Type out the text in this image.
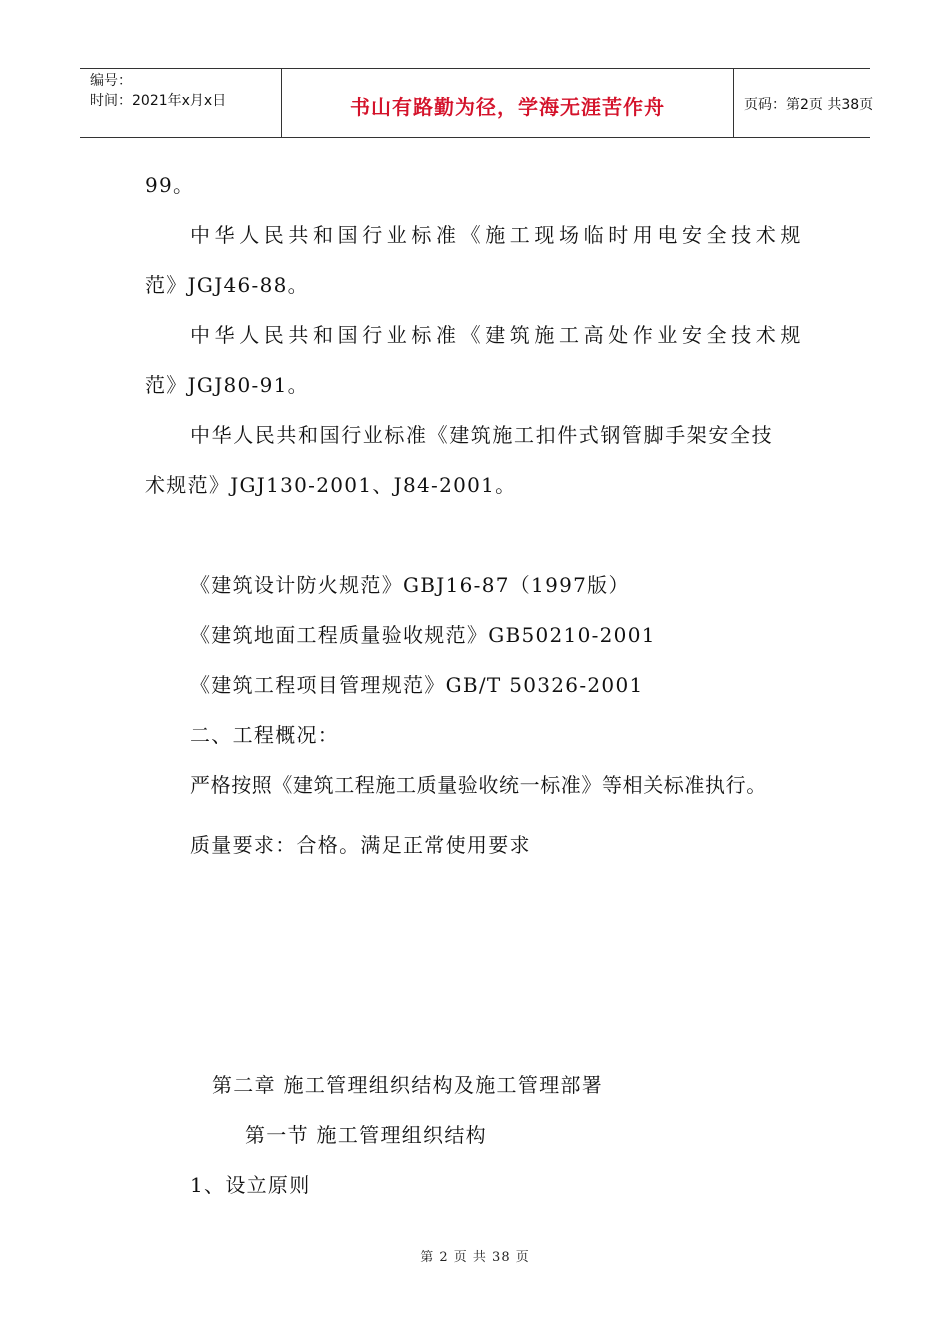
编号：
时间：2021年x月x日	书山有路勤为径，学海无涯苦作舟	页码：第2页 共38页
99。
中华人民共和国行业标准《施工现场临时用电安全技术规
范》JGJ46-88。
中华人民共和国行业标准《建筑施工高处作业安全技术规
范》JGJ80-91。
中华人民共和国行业标准《建筑施工扣件式钢管脚手架安全技
术规范》JGJ130-2001、J84-2001。
《建筑设计防火规范》GBJ16-87（1997版）
《建筑地面工程质量验收规范》GB50210-2001
《建筑工程项目管理规范》GB/T 50326-2001
二、工程概况：
严格按照《建筑工程施工质量验收统一标准》等相关标准执行。
质量要求：合格。满足正常使用要求
第二章 施工管理组织结构及施工管理部署
第一节 施工管理组织结构
1、设立原则
第 2 页 共 38 页
